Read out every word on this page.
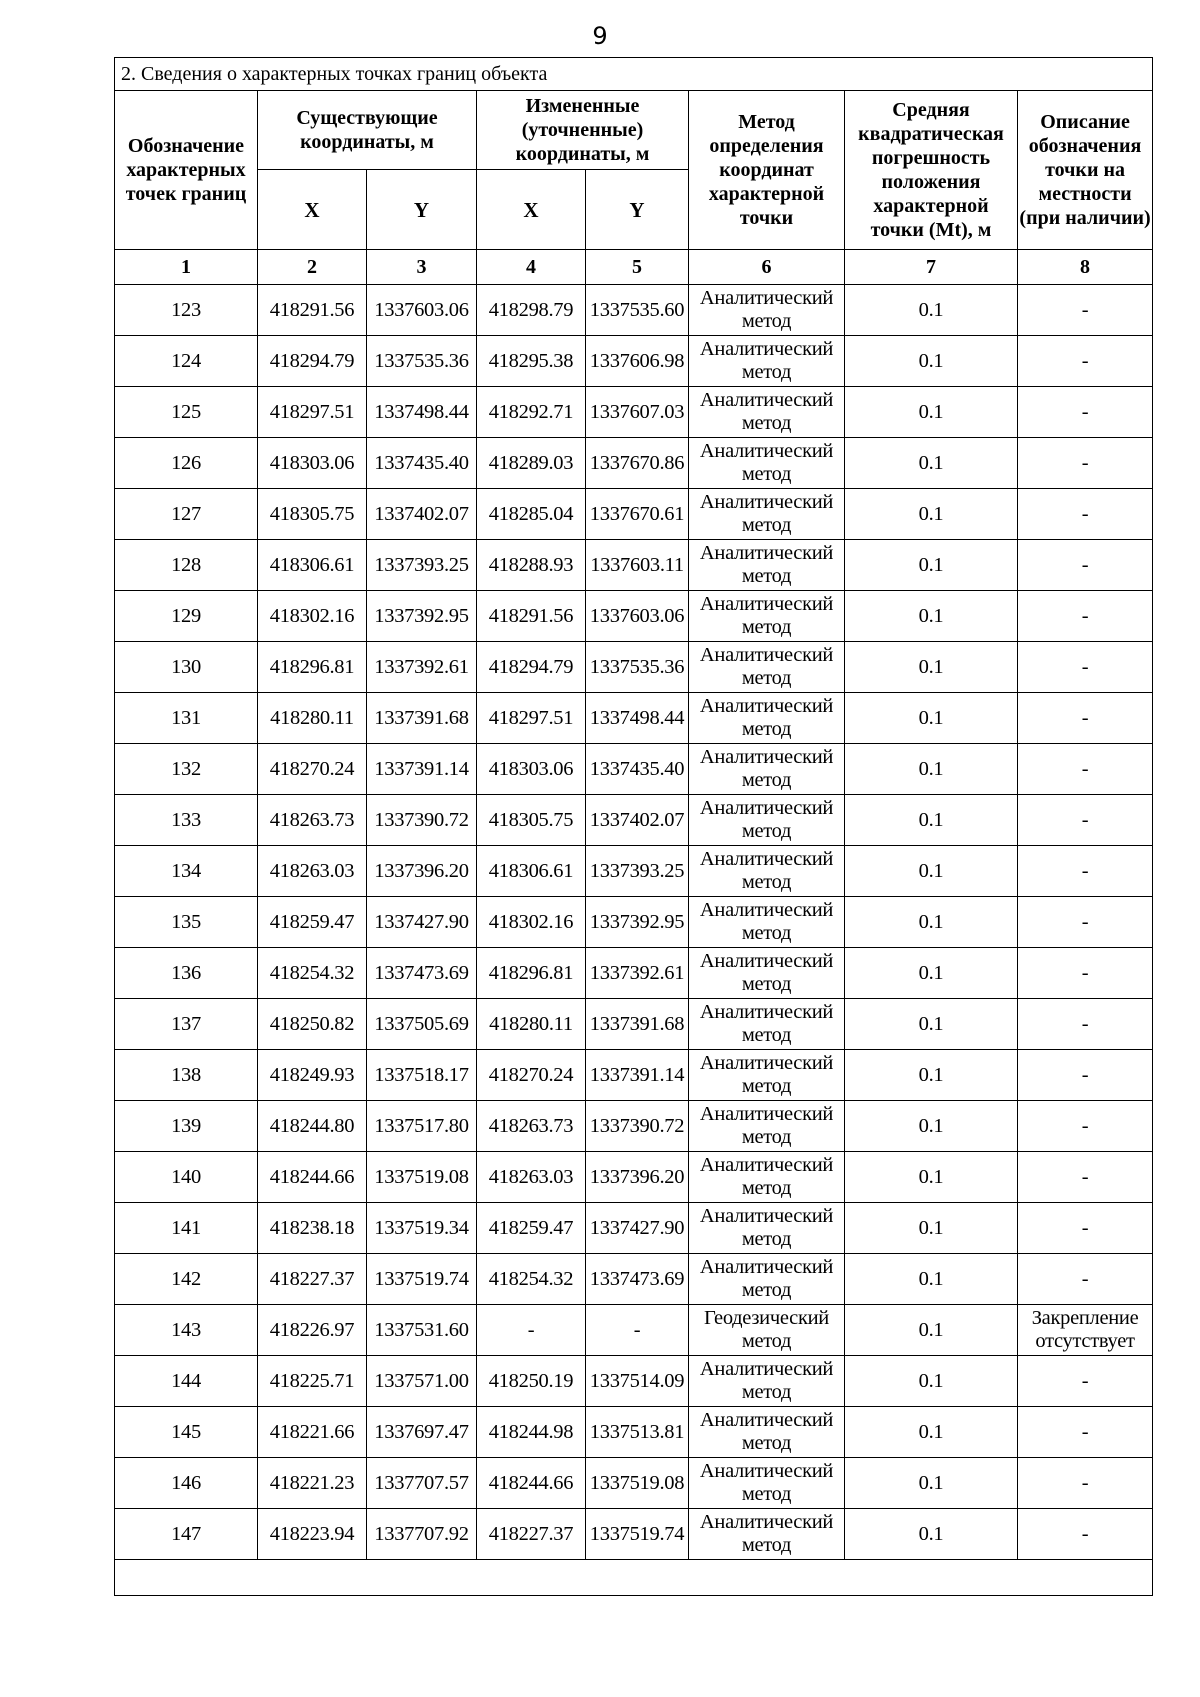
9
2. Сведения о характерных точках границ объекта							
Обозначение характерных точек границ	Существующие координаты, м		Измененные (уточненные) координаты, м		Метод определения координат характерной точки	Средняя квадратическая погрешность положения характерной точки (Mt), м	Описание обозначения точки на местности (при наличии)
	X	Y	X	Y			
1	2	3	4	5	6	7	8
123	418291.56	1337603.06	418298.79	1337535.60	Аналитический метод	0.1	-
124	418294.79	1337535.36	418295.38	1337606.98	Аналитический метод	0.1	-
125	418297.51	1337498.44	418292.71	1337607.03	Аналитический метод	0.1	-
126	418303.06	1337435.40	418289.03	1337670.86	Аналитический метод	0.1	-
127	418305.75	1337402.07	418285.04	1337670.61	Аналитический метод	0.1	-
128	418306.61	1337393.25	418288.93	1337603.11	Аналитический метод	0.1	-
129	418302.16	1337392.95	418291.56	1337603.06	Аналитический метод	0.1	-
130	418296.81	1337392.61	418294.79	1337535.36	Аналитический метод	0.1	-
131	418280.11	1337391.68	418297.51	1337498.44	Аналитический метод	0.1	-
132	418270.24	1337391.14	418303.06	1337435.40	Аналитический метод	0.1	-
133	418263.73	1337390.72	418305.75	1337402.07	Аналитический метод	0.1	-
134	418263.03	1337396.20	418306.61	1337393.25	Аналитический метод	0.1	-
135	418259.47	1337427.90	418302.16	1337392.95	Аналитический метод	0.1	-
136	418254.32	1337473.69	418296.81	1337392.61	Аналитический метод	0.1	-
137	418250.82	1337505.69	418280.11	1337391.68	Аналитический метод	0.1	-
138	418249.93	1337518.17	418270.24	1337391.14	Аналитический метод	0.1	-
139	418244.80	1337517.80	418263.73	1337390.72	Аналитический метод	0.1	-
140	418244.66	1337519.08	418263.03	1337396.20	Аналитический метод	0.1	-
141	418238.18	1337519.34	418259.47	1337427.90	Аналитический метод	0.1	-
142	418227.37	1337519.74	418254.32	1337473.69	Аналитический метод	0.1	-
143	418226.97	1337531.60	-	-	Геодезический метод	0.1	Закрепление отсутствует
144	418225.71	1337571.00	418250.19	1337514.09	Аналитический метод	0.1	-
145	418221.66	1337697.47	418244.98	1337513.81	Аналитический метод	0.1	-
146	418221.23	1337707.57	418244.66	1337519.08	Аналитический метод	0.1	-
147	418223.94	1337707.92	418227.37	1337519.74	Аналитический метод	0.1	-
